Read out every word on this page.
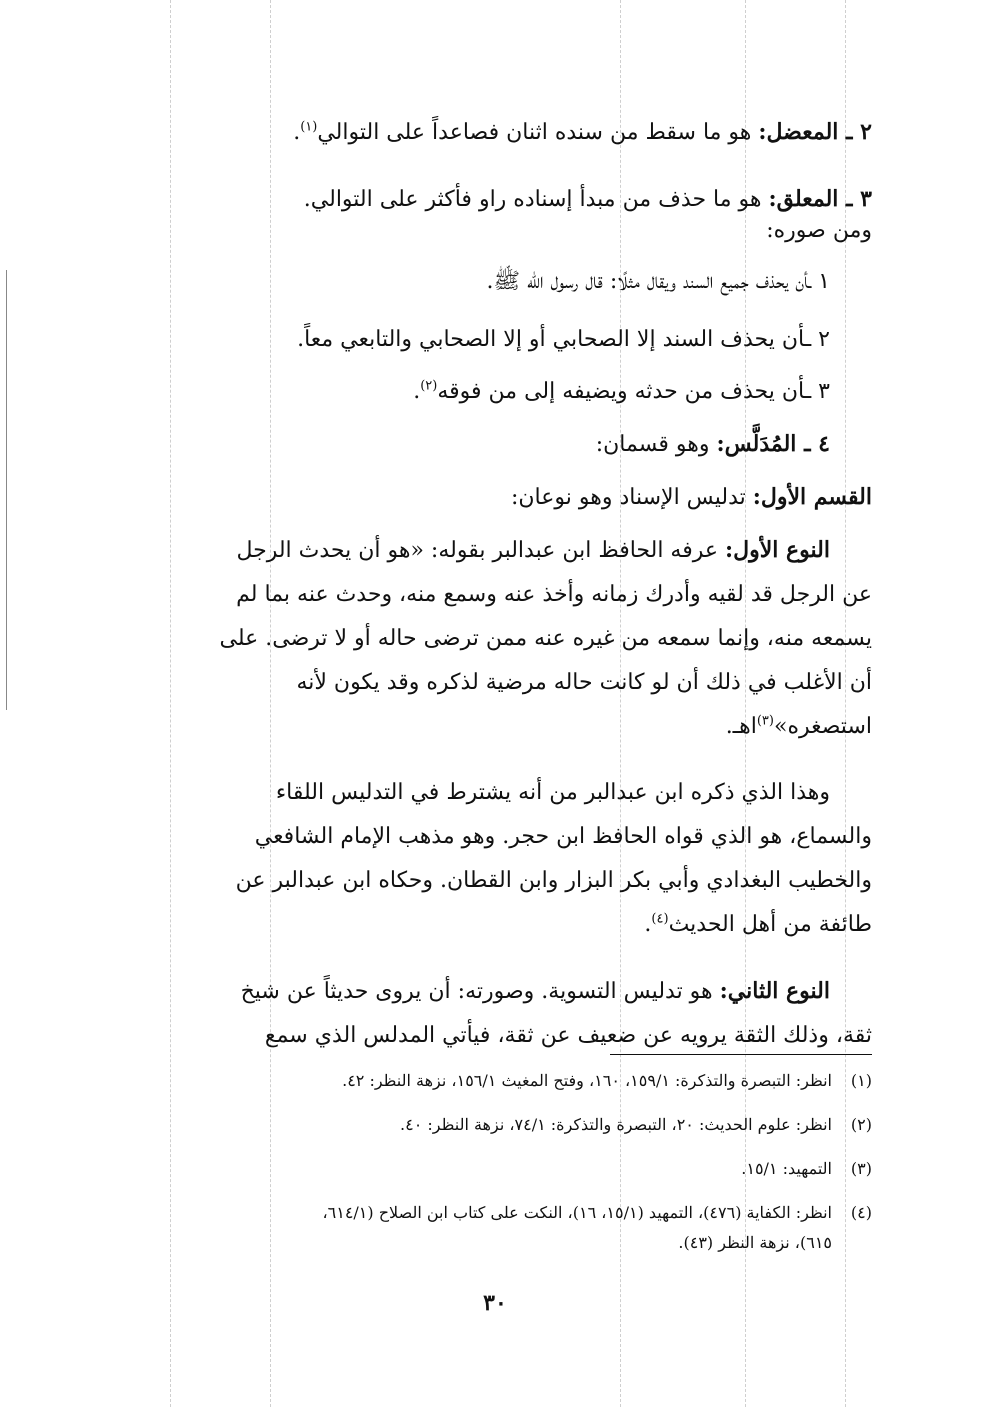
٢ ـ المعضل: هو ما سقط من سنده اثنان فصاعداً على التوالي$^{(١)}$.

٣ ـ المعلق: هو ما حذف من مبدأ إسناده راو فأكثر على التوالي.

ومن صوره:

١ ـأن يحذف جميع السند ويقال مثلًا: قال رسول الله ﷺ.

٢ ـأن يحذف السند إلا الصحابي أو إلا الصحابي والتابعي معاً.

٣ ـأن يحذف من حدثه ويضيفه إلى من فوقه$^{(٢)}$.

٤ ـ المُدَلَّس: وهو قسمان:

القسم الأول: تدليس الإسناد وهو نوعان:

النوع الأول: عرفه الحافظ ابن عبدالبر بقوله: «هو أن يحدث الرجل
عن الرجل قد لقيه وأدرك زمانه وأخذ عنه وسمع منه، وحدث عنه بما لم
يسمعه منه، وإنما سمعه من غيره عنه ممن ترضى حاله أو لا ترضى. على
أن الأغلب في ذلك أن لو كانت حاله مرضية لذكره وقد يكون لأنه
استصغره»$^{(٣)}$اهـ.
وهذا الذي ذكره ابن عبدالبر من أنه يشترط في التدليس اللقاء
والسماع، هو الذي قواه الحافظ ابن حجر. وهو مذهب الإمام الشافعي
والخطيب البغدادي وأبي بكر البزار وابن القطان. وحكاه ابن عبدالبر عن
طائفة من أهل الحديث$^{(٤)}$.
النوع الثاني: هو تدليس التسوية. وصورته: أن يروى حديثاً عن شيخ
ثقة، وذلك الثقة يرويه عن ضعيف عن ثقة، فيأتي المدلس الذي سمع
(١)انظر: التبصرة والتذكرة: ١٥٩/١، ١٦٠، وفتح المغيث ١٥٦/١، نزهة النظر: ٤٢.
(٢)انظر: علوم الحديث: ٢٠، التبصرة والتذكرة: ٧٤/١، نزهة النظر: ٤٠.
(٣)التمهيد: ١٥/١.
(٤)انظر: الكفاية (٤٧٦)، التمهيد (١٥/١، ١٦)، النكت على كتاب ابن الصلاح (٦١٤/١،
٦١٥)، نزهة النظر (٤٣).
٣٠
